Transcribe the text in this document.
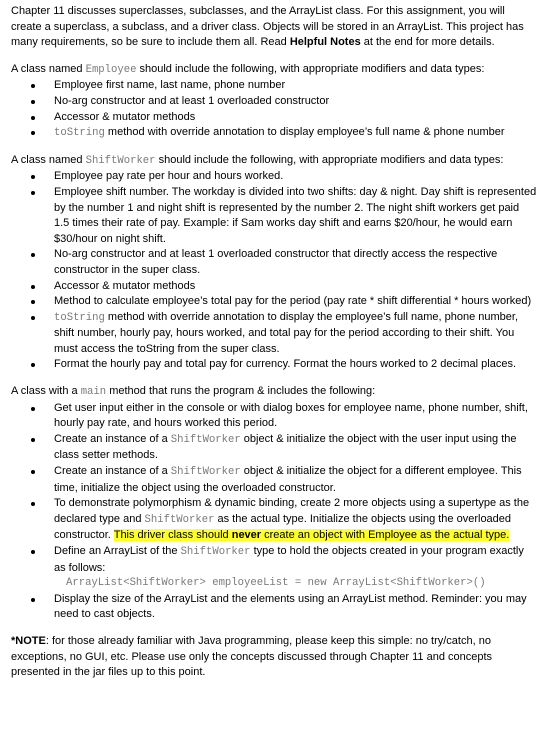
Chapter 11 discusses superclasses, subclasses, and the ArrayList class. For this assignment, you will create a superclass, a subclass, and a driver class. Objects will be stored in an ArrayList. This project has many requirements, so be sure to include them all. Read Helpful Notes at the end for more details.

A class named Employee should include the following, with appropriate modifiers and data types:

Employee first name, last name, phone number
No-arg constructor and at least 1 overloaded constructor
Accessor & mutator methods
toString method with override annotation to display employee’s full name & phone number

A class named ShiftWorker should include the following, with appropriate modifiers and data types:

Employee pay rate per hour and hours worked.
Employee shift number. The workday is divided into two shifts: day & night. Day shift is represented by the number 1 and night shift is represented by the number 2. The night shift workers get paid 1.5 times their rate of pay. Example: if Sam works day shift and earns $20/hour, he would earn $30/hour on night shift.
No-arg constructor and at least 1 overloaded constructor that directly access the respective constructor in the super class.
Accessor & mutator methods
Method to calculate employee’s total pay for the period (pay rate * shift differential * hours worked)
toString method with override annotation to display the employee’s full name, phone number, shift number, hourly pay, hours worked, and total pay for the period according to their shift. You must access the toString from the super class.
Format the hourly pay and total pay for currency. Format the hours worked to 2 decimal places.

A class with a main method that runs the program & includes the following:

Get user input either in the console or with dialog boxes for employee name, phone number, shift, hourly pay rate, and hours worked this period.
Create an instance of a ShiftWorker object & initialize the object with the user input using the class setter methods.
Create an instance of a ShiftWorker object & initialize the object for a different employee. This time, initialize the object using the overloaded constructor.
To demonstrate polymorphism & dynamic binding, create 2 more objects using a supertype as the declared type and ShiftWorker as the actual type. Initialize the objects using the overloaded constructor. This driver class should never create an object with Employee as the actual type.
Define an ArrayList of the ShiftWorker type to hold the objects created in your program exactly as follows:
ArrayList<ShiftWorker> employeeList = new ArrayList<ShiftWorker>()
Display the size of the ArrayList and the elements using an ArrayList method. Reminder: you may need to cast objects.

*NOTE: for those already familiar with Java programming, please keep this simple: no try/catch, no exceptions, no GUI, etc. Please use only the concepts discussed through Chapter 11 and concepts presented in the jar files up to this point.
